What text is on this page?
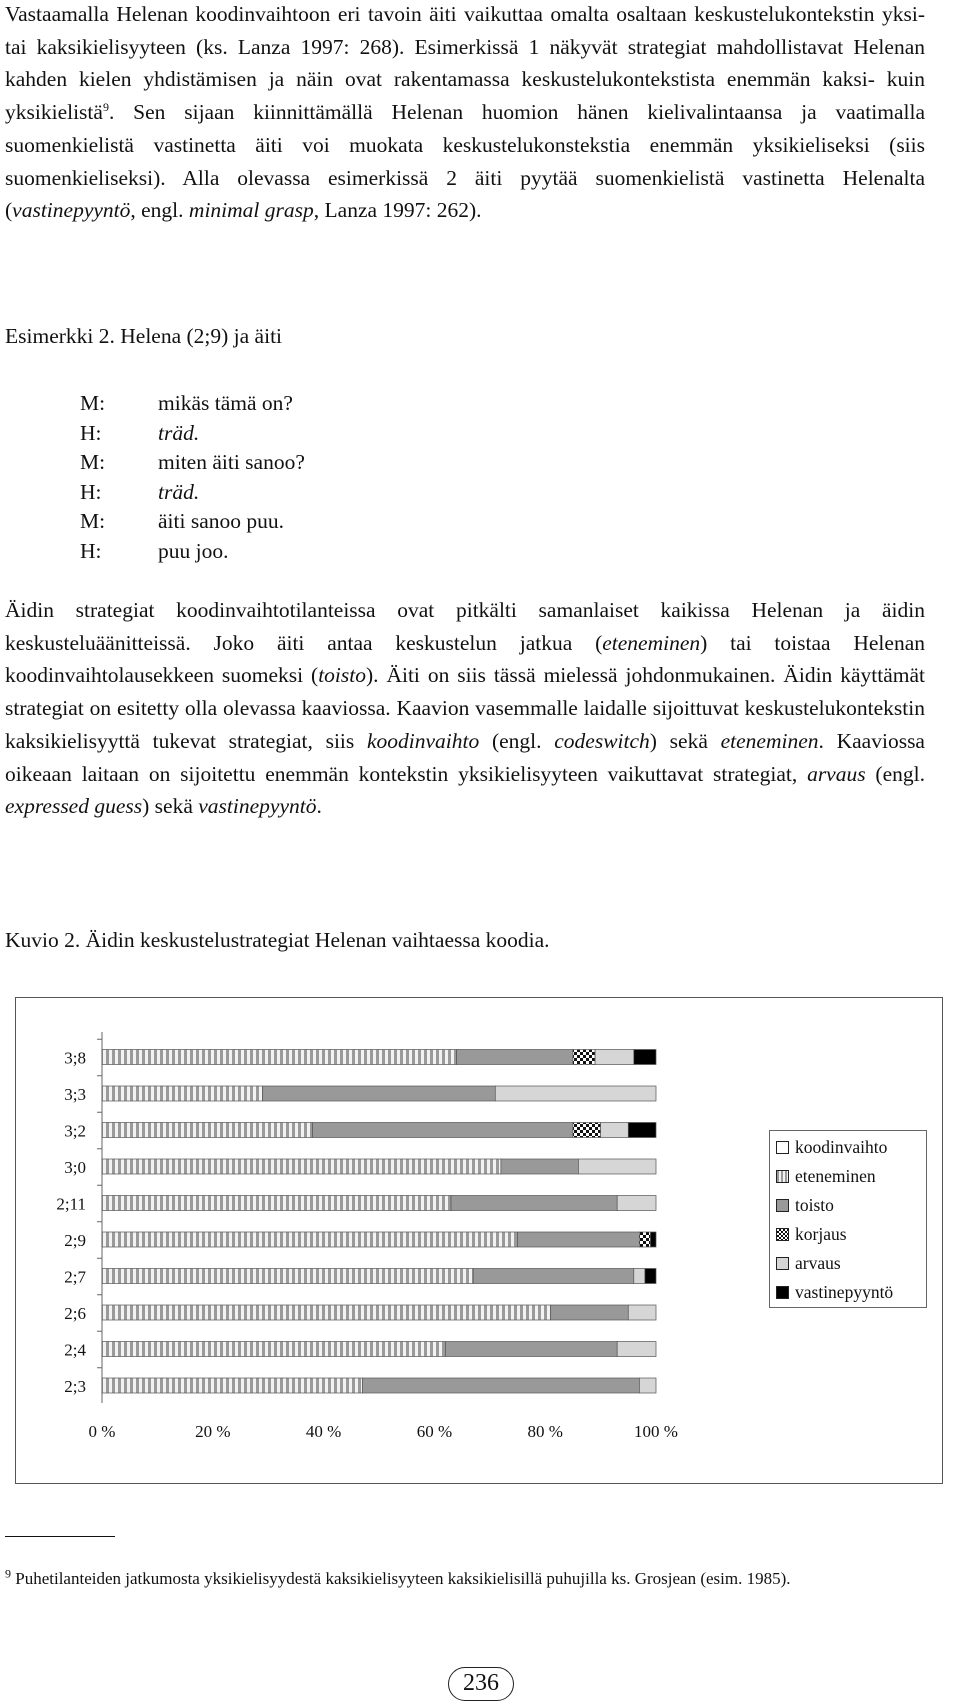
Vastaamalla Helenan koodinvaihtoon eri tavoin äiti vaikuttaa omalta osaltaan keskustelukontekstin yksi- tai kaksikielisyyteen (ks. Lanza 1997: 268). Esimerkissä 1 näkyvät strategiat mahdollistavat Helenan kahden kielen yhdistämisen ja näin ovat rakentamassa keskustelukontekstista enemmän kaksi- kuin yksikielistä$^9$. Sen sijaan kiinnittämällä Helenan huomion hänen kielivalintaansa ja vaatimalla suomenkielistä vastinetta äiti voi muokata keskustelukonstekstia enemmän yksikieliseksi (siis suomenkieliseksi). Alla olevassa esimerkissä 2 äiti pyytää suomenkielistä vastinetta Helenalta (vastinepyyntö, engl. minimal grasp, Lanza 1997: 262).
Esimerkki 2. Helena (2;9) ja äiti
M:	mikäs tämä on?
H:	träd.
M:	miten äiti sanoo?
H:	träd.
M:	äiti sanoo puu.
H:	puu joo.
Äidin strategiat koodinvaihtotilanteissa ovat pitkälti samanlaiset kaikissa Helenan ja äidin keskusteluäänitteissä. Joko äiti antaa keskustelun jatkua (eteneminen) tai toistaa Helenan koodinvaihtolausekkeen suomeksi (toisto). Äiti on siis tässä mielessä johdonmukainen. Äidin käyttämät strategiat on esitetty olla olevassa kaaviossa. Kaavion vasemmalle laidalle sijoittuvat keskustelukontekstin kaksikielisyyttä tukevat strategiat, siis koodinvaihto (engl. codeswitch) sekä eteneminen. Kaaviossa oikeaan laitaan on sijoitettu enemmän kontekstin yksikielisyyteen vaikuttavat strategiat, arvaus (engl. expressed guess) sekä vastinepyyntö.
Kuvio 2. Äidin keskustelustrategiat Helenan vaihtaessa koodia.
3;8
3;3
3;2
3;0
2;11
2;9
2;7
2;6
2;4
2;3
0 %	20 %	40 %	60 %	80 %	100 %
koodinvaihto
eteneminen
toisto
korjaus
arvaus
vastinepyyntö
$^9$ Puhetilanteiden jatkumosta yksikielisyydestä kaksikielisyyteen kaksikielisillä puhujilla ks. Grosjean (esim. 1985).
236
